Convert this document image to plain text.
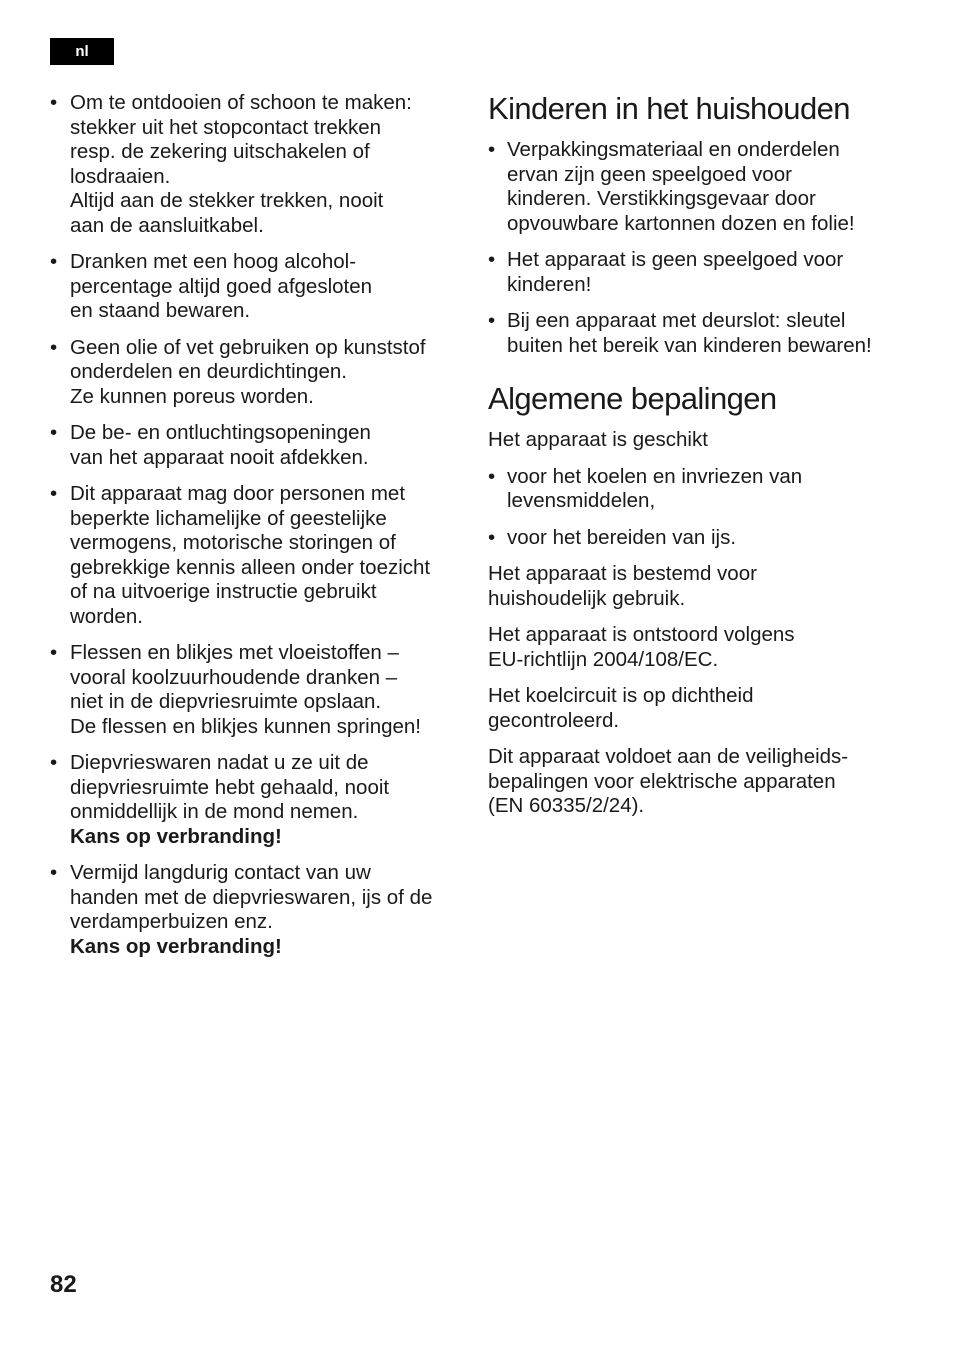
nl
• Om te ontdooien of schoon te maken:
stekker uit het stopcontact trekken
resp. de zekering uitschakelen of
losdraaien.
Altijd aan de stekker trekken, nooit
aan de aansluitkabel.
• Dranken met een hoog alcohol-
percentage altijd goed afgesloten
en staand bewaren.
• Geen olie of vet gebruiken op kunststof
onderdelen en deurdichtingen.
Ze kunnen poreus worden.
• De be- en ontluchtingsopeningen
van het apparaat nooit afdekken.
• Dit apparaat mag door personen met
beperkte lichamelijke of geestelijke
vermogens, motorische storingen of
gebrekkige kennis alleen onder toezicht
of na uitvoerige instructie gebruikt
worden.
• Flessen en blikjes met vloeistoffen –
vooral koolzuurhoudende dranken –
niet in de diepvriesruimte opslaan.
De flessen en blikjes kunnen springen!
• Diepvrieswaren nadat u ze uit de
diepvriesruimte hebt gehaald, nooit
onmiddellijk in de mond nemen.
Kans op verbranding!
• Vermijd langdurig contact van uw
handen met de diepvrieswaren, ijs of de
verdamperbuizen enz.
Kans op verbranding!
Kinderen in het huishouden
• Verpakkingsmateriaal en onderdelen
ervan zijn geen speelgoed voor
kinderen. Verstikkingsgevaar door
opvouwbare kartonnen dozen en folie!
• Het apparaat is geen speelgoed voor
kinderen!
• Bij een apparaat met deurslot: sleutel
buiten het bereik van kinderen bewaren!
Algemene bepalingen

Het apparaat is geschikt

• voor het koelen en invriezen van
levensmiddelen,
• voor het bereiden van ijs.

Het apparaat is bestemd voor
huishoudelijk gebruik.

Het apparaat is ontstoord volgens
EU-richtlijn 2004/108/EC.

Het koelcircuit is op dichtheid
gecontroleerd.

Dit apparaat voldoet aan de veiligheids-
bepalingen voor elektrische apparaten
(EN 60335/2/24).

82
